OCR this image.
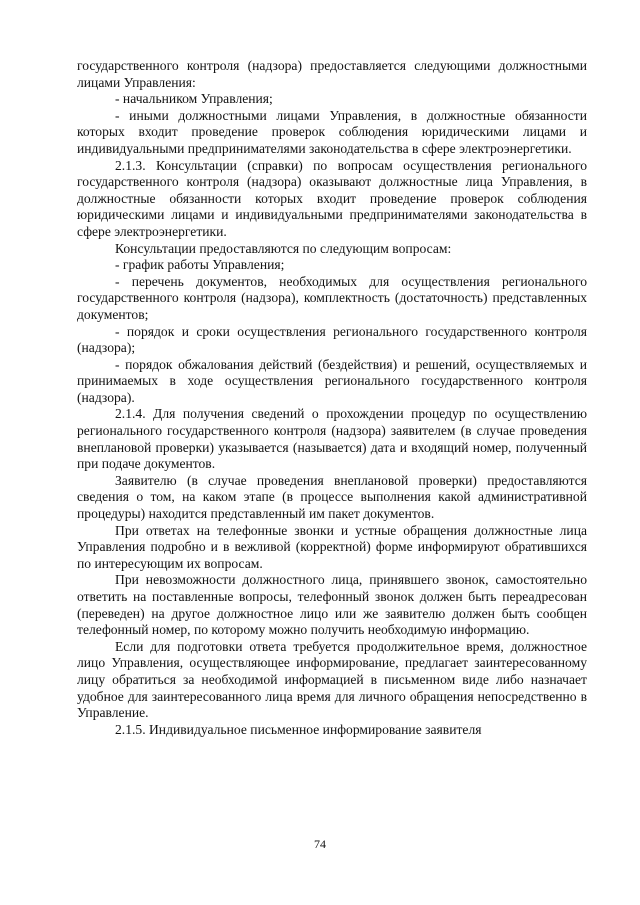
государственного контроля (надзора) предоставляется следующими должностными лицами Управления:

- начальником Управления;

- иными должностными лицами Управления, в должностные обязанности которых входит проведение проверок соблюдения юридическими лицами и индивидуальными предпринимателями законодательства в сфере электроэнергетики.

2.1.3. Консультации (справки) по вопросам осуществления регионального государственного контроля (надзора) оказывают должностные лица Управления, в должностные обязанности которых входит проведение проверок соблюдения юридическими лицами и индивидуальными предпринимателями законодательства в сфере электроэнергетики.

Консультации предоставляются по следующим вопросам:

- график работы Управления;

- перечень документов, необходимых для осуществления регионального государственного контроля (надзора), комплектность (достаточность) представленных документов;

- порядок и сроки осуществления регионального государственного контроля (надзора);

- порядок обжалования действий (бездействия) и решений, осуществляемых и принимаемых в ходе осуществления регионального государственного контроля (надзора).

2.1.4. Для получения сведений о прохождении процедур по осуществлению регионального государственного контроля (надзора) заявителем (в случае проведения внеплановой проверки) указывается (называется) дата и входящий номер, полученный при подаче документов.

Заявителю (в случае проведения внеплановой проверки) предоставляются сведения о том, на каком этапе (в процессе выполнения какой административной процедуры) находится представленный им пакет документов.

При ответах на телефонные звонки и устные обращения должностные лица Управления подробно и в вежливой (корректной) форме информируют обратившихся по интересующим их вопросам.

При невозможности должностного лица, принявшего звонок, самостоятельно ответить на поставленные вопросы, телефонный звонок должен быть переадресован (переведен) на другое должностное лицо или же заявителю должен быть сообщен телефонный номер, по которому можно получить необходимую информацию.

Если для подготовки ответа требуется продолжительное время, должностное лицо Управления, осуществляющее информирование, предлагает заинтересованному лицу обратиться за необходимой информацией в письменном виде либо назначает удобное для заинтересованного лица время для личного обращения непосредственно в Управление.

2.1.5. Индивидуальное письменное информирование заявителя

74
